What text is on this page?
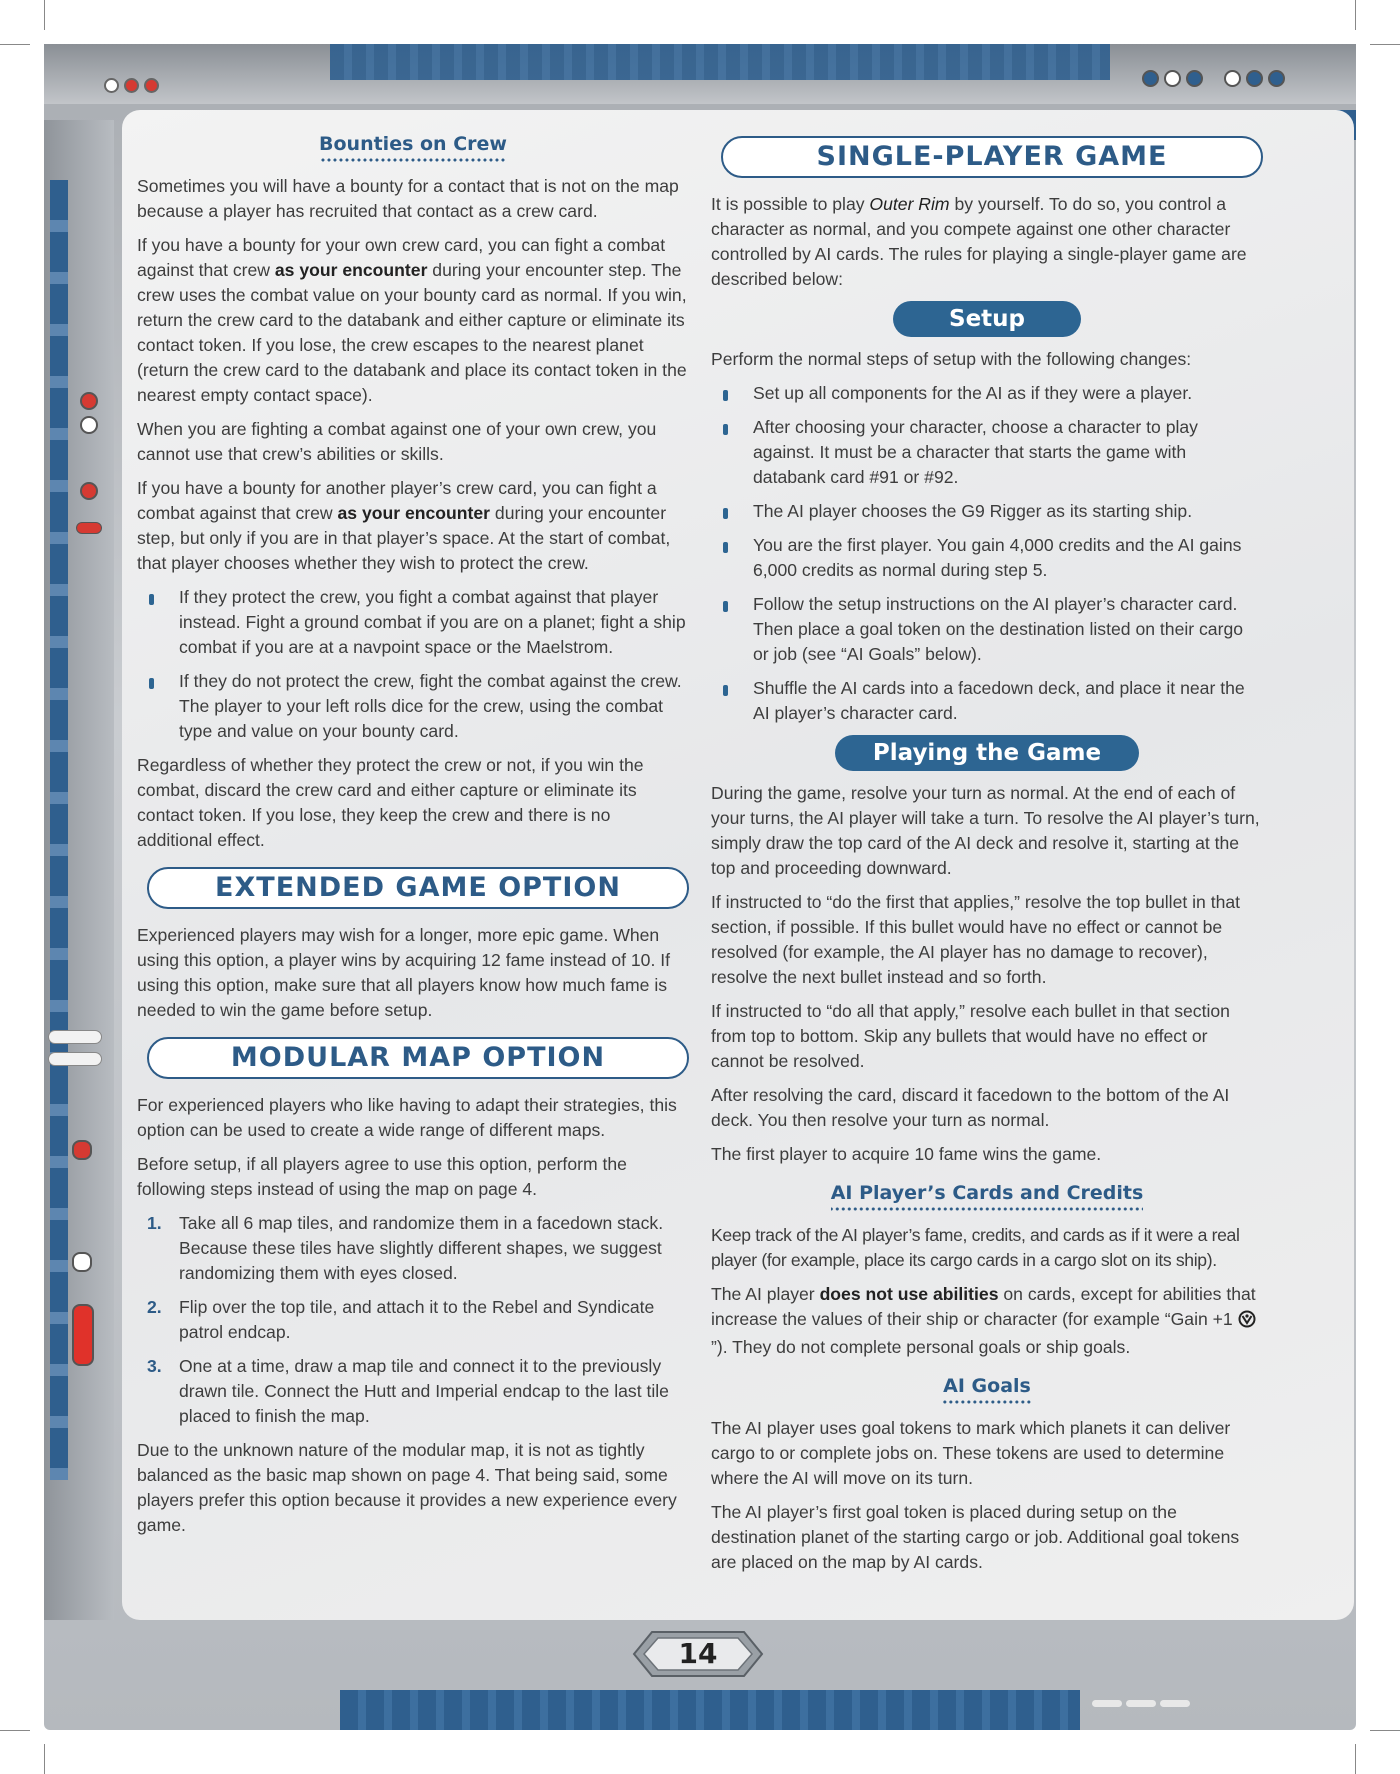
Bounties on Crew

Sometimes you will have a bounty for a contact that is not on the map because a player has recruited that contact as a crew card.

If you have a bounty for your own crew card, you can fight a combat against that crew as your encounter during your encounter step. The crew uses the combat value on your bounty card as normal. If you win, return the crew card to the databank and either capture or eliminate its contact token. If you lose, the crew escapes to the nearest planet (return the crew card to the databank and place its contact token in the nearest empty contact space).

When you are fighting a combat against one of your own crew, you cannot use that crew’s abilities or skills.

If you have a bounty for another player’s crew card, you can fight a combat against that crew as your encounter during your encounter step, but only if you are in that player’s space. At the start of combat, that player chooses whether they wish to protect the crew.

If they protect the crew, you fight a combat against that player instead. Fight a ground combat if you are on a planet; fight a ship combat if you are at a navpoint space or the Maelstrom.
If they do not protect the crew, fight the combat against the crew. The player to your left rolls dice for the crew, using the combat type and value on your bounty card.

Regardless of whether they protect the crew or not, if you win the combat, discard the crew card and either capture or eliminate its contact token. If you lose, they keep the crew and there is no additional effect.

EXTENDED GAME OPTION

Experienced players may wish for a longer, more epic game. When using this option, a player wins by acquiring 12 fame instead of 10. If using this option, make sure that all players know how much fame is needed to win the game before setup.

MODULAR MAP OPTION

For experienced players who like having to adapt their strategies, this option can be used to create a wide range of different maps.

Before setup, if all players agree to use this option, perform the following steps instead of using the map on page 4.

1. Take all 6 map tiles, and randomize them in a facedown stack. Because these tiles have slightly different shapes, we suggest randomizing them with eyes closed.
2. Flip over the top tile, and attach it to the Rebel and Syndicate patrol endcap.
3. One at a time, draw a map tile and connect it to the previously drawn tile. Connect the Hutt and Imperial endcap to the last tile placed to finish the map.

Due to the unknown nature of the modular map, it is not as tightly balanced as the basic map shown on page 4. That being said, some players prefer this option because it provides a new experience every game.

SINGLE-PLAYER GAME

It is possible to play Outer Rim by yourself. To do so, you control a character as normal, and you compete against one other character controlled by AI cards. The rules for playing a single-player game are described below:

Setup

Perform the normal steps of setup with the following changes:

Set up all components for the AI as if they were a player.
After choosing your character, choose a character to play against. It must be a character that starts the game with databank card #91 or #92.
The AI player chooses the G9 Rigger as its starting ship.
You are the first player. You gain 4,000 credits and the AI gains 6,000 credits as normal during step 5.
Follow the setup instructions on the AI player’s character card. Then place a goal token on the destination listed on their cargo or job (see “AI Goals” below).
Shuffle the AI cards into a facedown deck, and place it near the AI player’s character card.
Playing the Game

During the game, resolve your turn as normal. At the end of each of your turns, the AI player will take a turn. To resolve the AI player’s turn, simply draw the top card of the AI deck and resolve it, starting at the top and proceeding downward.

If instructed to “do the first that applies,” resolve the top bullet in that section, if possible. If this bullet would have no effect or cannot be resolved (for example, the AI player has no damage to recover), resolve the next bullet instead and so forth.

If instructed to “do all that apply,” resolve each bullet in that section from top to bottom. Skip any bullets that would have no effect or cannot be resolved.

After resolving the card, discard it facedown to the bottom of the AI deck. You then resolve your turn as normal.

The first player to acquire 10 fame wins the game.

AI Player’s Cards and Credits

Keep track of the AI player’s fame, credits, and cards as if it were a real player (for example, place its cargo cards in a cargo slot on its ship).

The AI player does not use abilities on cards, except for abilities that increase the values of their ship or character (for example “Gain +1 ”). They do not complete personal goals or ship goals.

AI Goals

The AI player uses goal tokens to mark which planets it can deliver cargo to or complete jobs on. These tokens are used to determine where the AI will move on its turn.

The AI player’s first goal token is placed during setup on the destination planet of the starting cargo or job. Additional goal tokens are placed on the map by AI cards.

14
